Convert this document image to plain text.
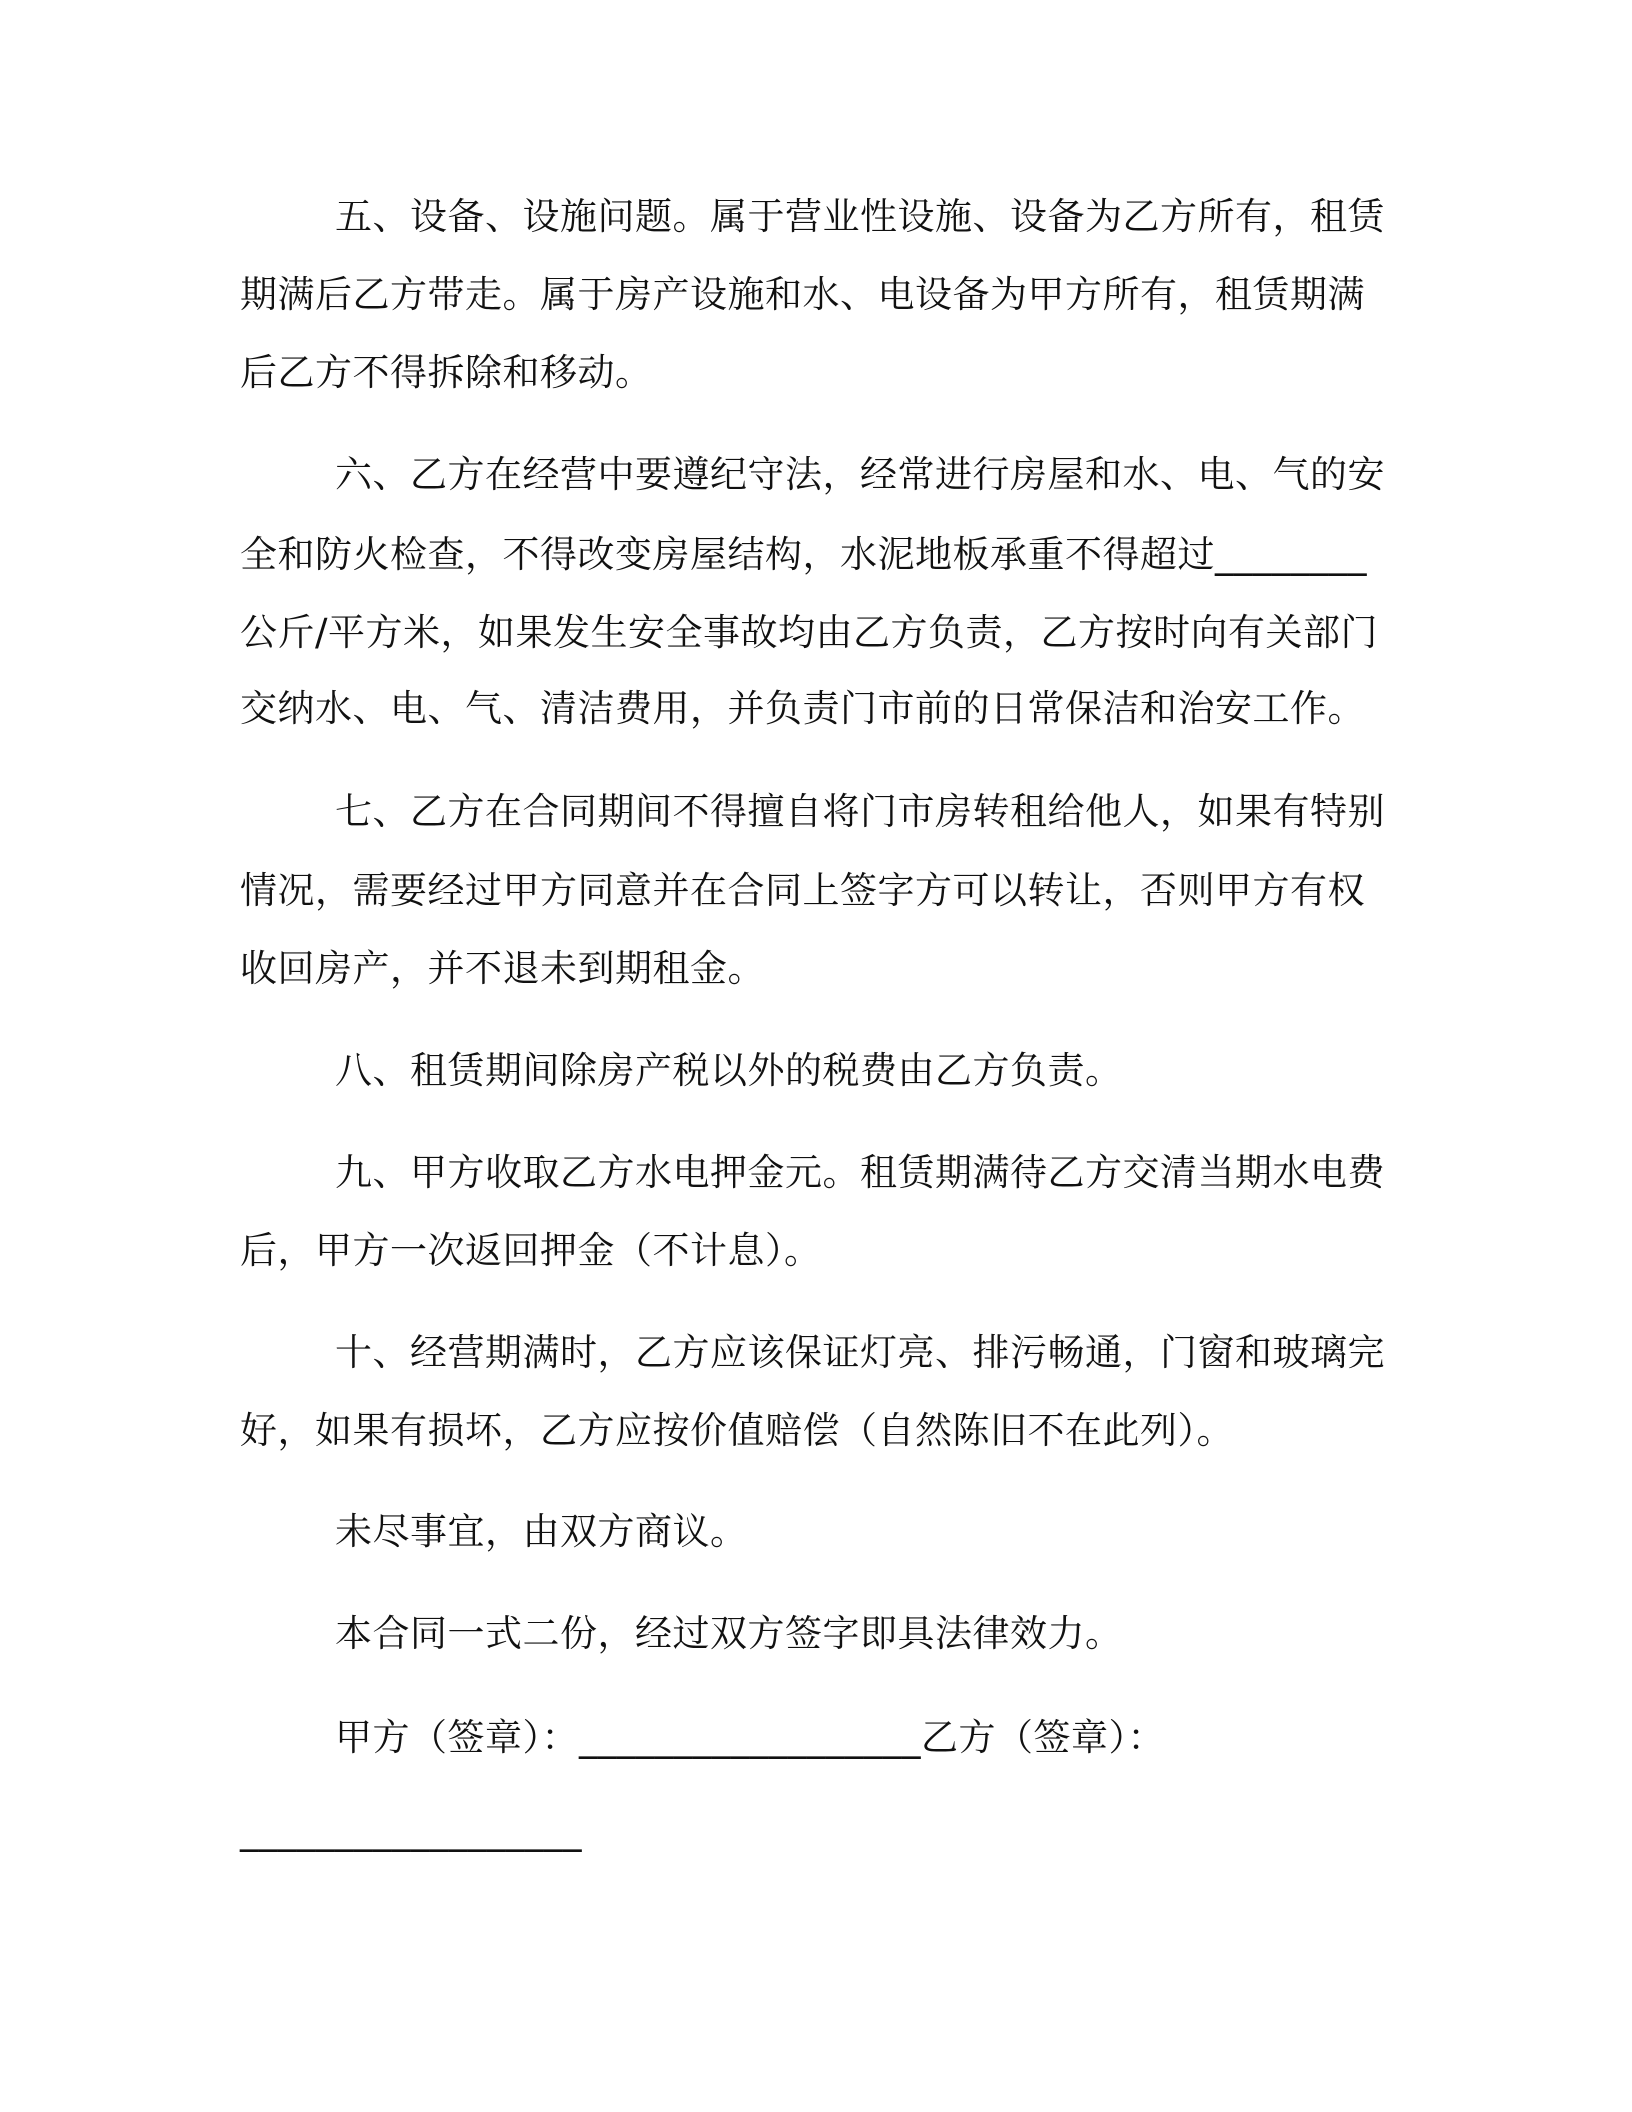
五、设备、设施问题。属于营业性设施、设备为乙方所有，租赁
期满后乙方带走。属于房产设施和水、电设备为甲方所有，租赁期满
后乙方不得拆除和移动。
六、乙方在经营中要遵纪守法，经常进行房屋和水、电、气的安
全和防火检查，不得改变房屋结构，水泥地板承重不得超过________
公斤/平方米，如果发生安全事故均由乙方负责，乙方按时向有关部门
交纳水、电、气、清洁费用，并负责门市前的日常保洁和治安工作。
七、乙方在合同期间不得擅自将门市房转租给他人，如果有特别
情况，需要经过甲方同意并在合同上签字方可以转让，否则甲方有权
收回房产，并不退未到期租金。
八、租赁期间除房产税以外的税费由乙方负责。
九、甲方收取乙方水电押金元。租赁期满待乙方交清当期水电费
后，甲方一次返回押金（不计息）。
十、经营期满时，乙方应该保证灯亮、排污畅通，门窗和玻璃完
好，如果有损坏，乙方应按价值赔偿（自然陈旧不在此列）。
未尽事宜，由双方商议。
本合同一式二份，经过双方签字即具法律效力。
甲方（签章）：__________________乙方（签章）：
__________________
